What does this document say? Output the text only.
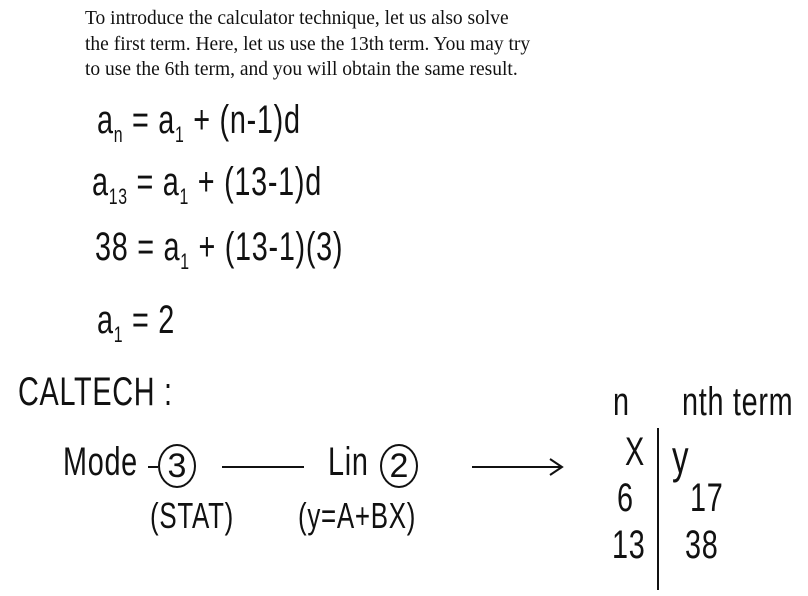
To introduce the calculator technique, let us also solve
the first term. Here, let us use the 13th term. You may try
to use the 6th term, and you will obtain the same result.
$a_n = a_1 + (n-1)d$
$a_{13} = a_1 + (13-1)d$
$38 = a_1 + (13-1)(3)$
$a_1 = 2$
CALTECH :
Mode 3
(STAT)
Lin 2
(y=A+BX)
n nth term
X y
6 17
13 38
